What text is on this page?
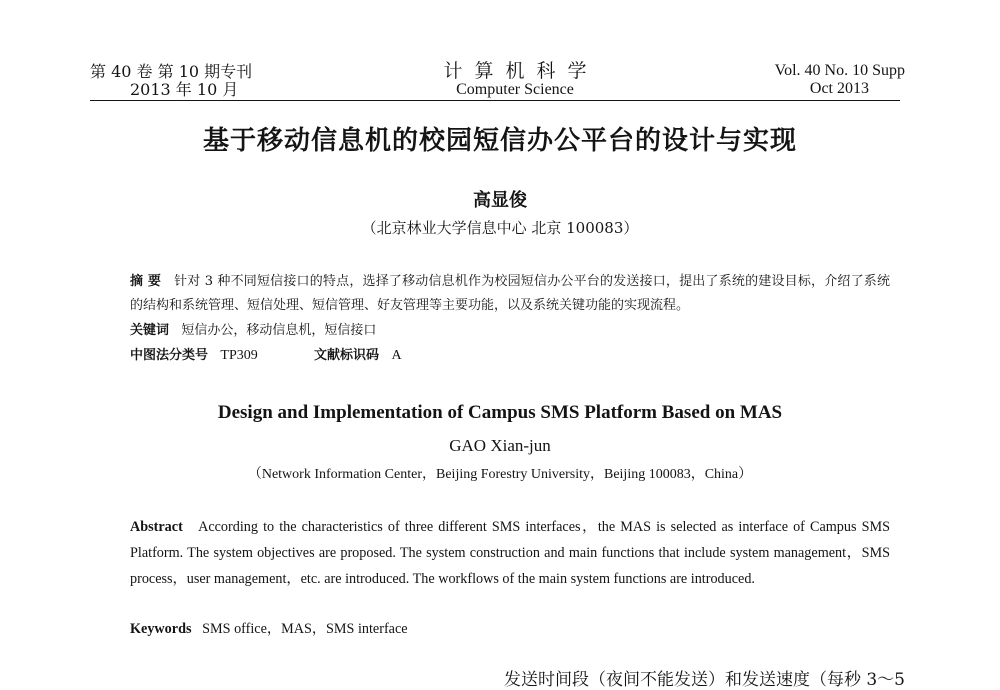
第 40 卷 第 10 期专刊
2013 年 10 月
计算机科学
Computer Science
Vol. 40 No. 10 Supp
Oct 2013
基于移动信息机的校园短信办公平台的设计与实现
高显俊
（北京林业大学信息中心 北京 100083）
摘 要 针对 3 种不同短信接口的特点，选择了移动信息机作为校园短信办公平台的发送接口，提出了系统的建设目标，介绍了系统的结构和系统管理、短信处理、短信管理、好友管理等主要功能，以及系统关键功能的实现流程。
关键词 短信办公，移动信息机，短信接口
中图法分类号 TP309	文献标识码 A
Design and Implementation of Campus SMS Platform Based on MAS
GAO Xian-jun
（Network Information Center，Beijing Forestry University，Beijing 100083，China）
Abstract According to the characteristics of three different SMS interfaces，the MAS is selected as interface of Campus SMS Platform. The system objectives are proposed. The system construction and main functions that include system management，SMS process，user management，etc. are introduced. The workflows of the main system functions are introduced.
Keywords SMS office，MAS，SMS interface
发送时间段（夜间不能发送）和发送速度（每秒 3～5
